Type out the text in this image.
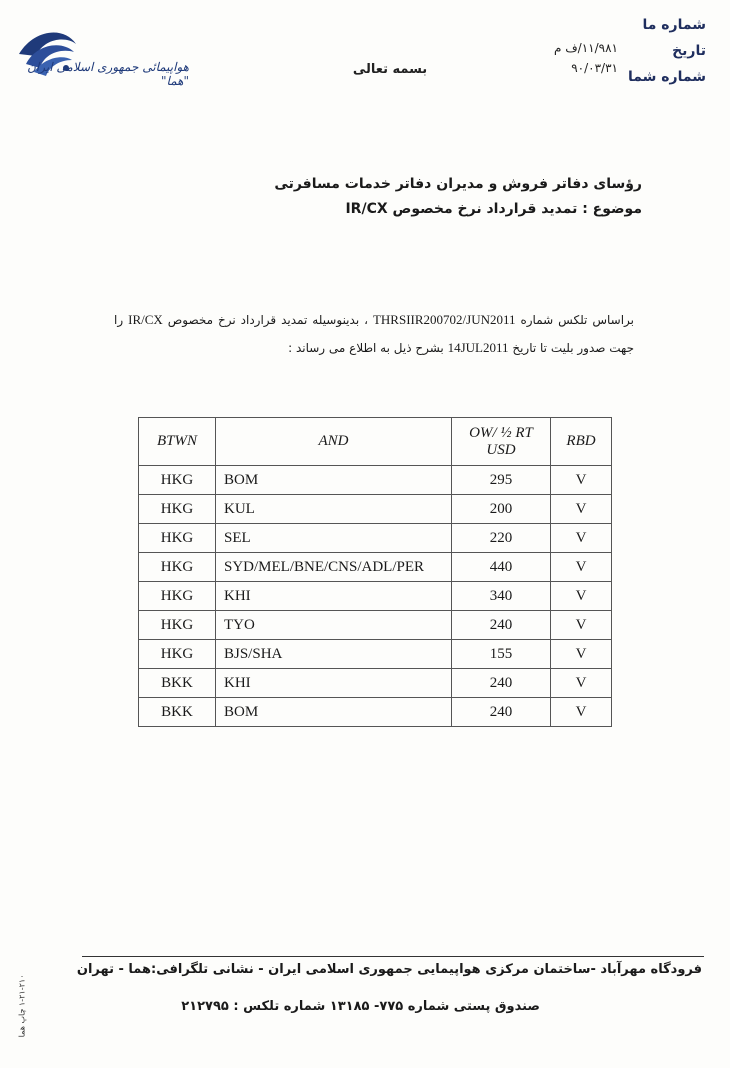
شماره ما
تاریخ
شماره شما
۱۱/۹۸۱/ف م
۹۰/۰۳/۳۱
بسمه تعالی
هواپیمائی جمهوری اسلامی ایران "هما"
رؤسای دفاتر فروش و مدیران دفاتر خدمات مسافرتی
موضوع : تمدید قرارداد نرخ مخصوص IR/CX
براساس تلکس شماره THRSIIR200702/JUN2011 ، بدینوسیله تمدید قرارداد نرخ مخصوص IR/CX را جهت صدور بلیت تا تاریخ 14JUL2011 بشرح ذیل به اطلاع می رساند :
BTWN	AND	OW/ ½ RT USD	RBD
HKG	BOM	295	V
HKG	KUL	200	V
HKG	SEL	220	V
HKG	SYD/MEL/BNE/CNS/ADL/PER	440	V
HKG	KHI	340	V
HKG	TYO	240	V
HKG	BJS/SHA	155	V
BKK	KHI	240	V
BKK	BOM	240	V
فرودگاه مهرآباد -ساختمان مرکزی هواپیمایی جمهوری اسلامی ایران - نشانی تلگرافی:هما - تهران
صندوق پستی شماره ۷۷۵- ۱۳۱۸۵ شماره تلکس : ۲۱۲۷۹۵
۱-۲۱-۲۱۰ چاپ هما
